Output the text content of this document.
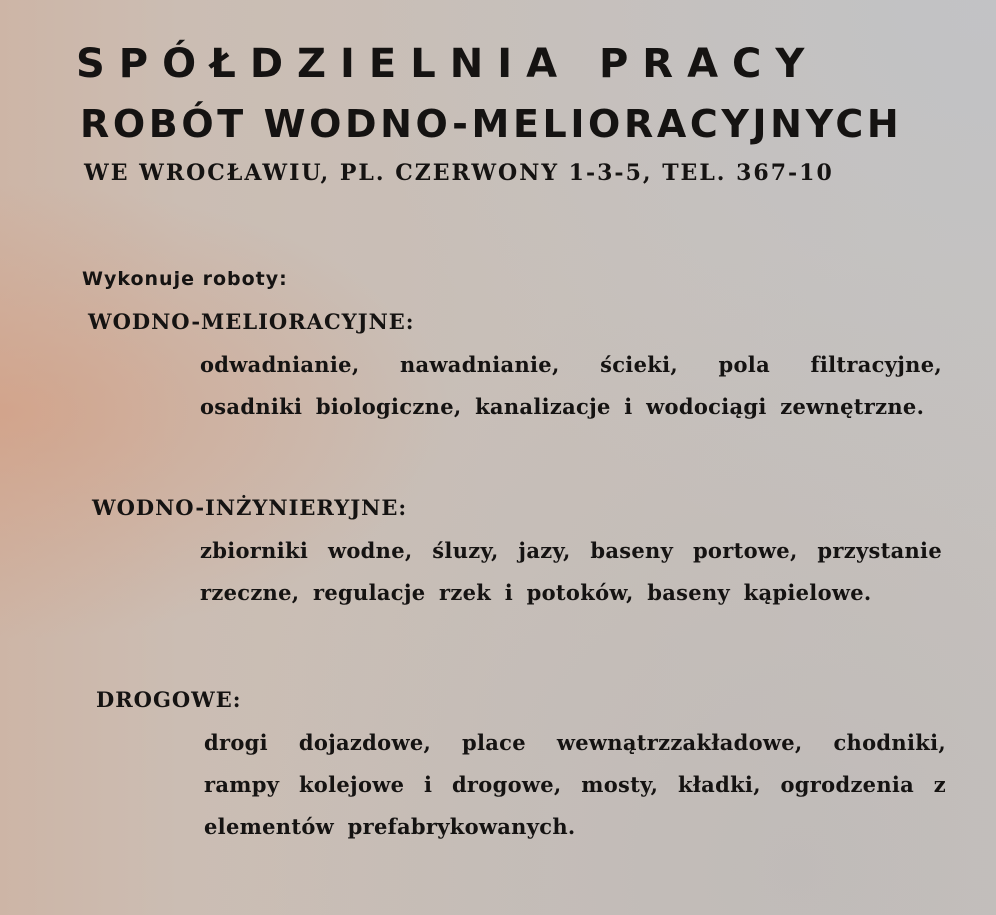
SPÓŁDZIELNIA PRACY
ROBÓT WODNO-MELIORACYJNYCH
WE WROCŁAWIU, PL. CZERWONY 1-3-5, TEL. 367-10
Wykonuje roboty:
WODNO-MELIORACYJNE:
odwadnianie, nawadnianie, ścieki, pola filtracyjne, osadniki biologiczne, kanalizacje i wodociągi zewnętrzne.
WODNO-INŻYNIERYJNE:
zbiorniki wodne, śluzy, jazy, baseny portowe, przystanie rzeczne, regulacje rzek i potoków, baseny kąpielowe.
DROGOWE:
drogi dojazdowe, place wewnątrzzakładowe, chodniki, rampy kolejowe i drogowe, mosty, kładki, ogrodzenia z elementów prefabrykowanych.
